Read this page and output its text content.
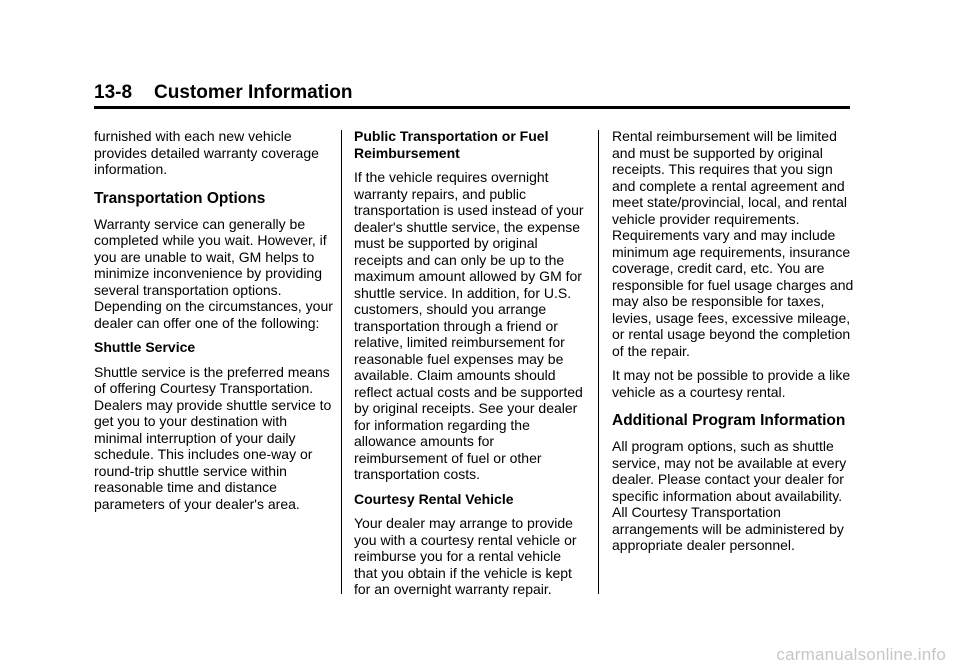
13-8 Customer Information

furnished with each new vehicle provides detailed warranty coverage information.

Transportation Options

Warranty service can generally be completed while you wait. However, if you are unable to wait, GM helps to minimize inconvenience by providing several transportation options. Depending on the circumstances, your dealer can offer one of the following:

Shuttle Service

Shuttle service is the preferred means of offering Courtesy Transportation. Dealers may provide shuttle service to get you to your destination with minimal interruption of your daily schedule. This includes one-way or round-trip shuttle service within reasonable time and distance parameters of your dealer's area.

Public Transportation or Fuel Reimbursement

If the vehicle requires overnight warranty repairs, and public transportation is used instead of your dealer's shuttle service, the expense must be supported by original receipts and can only be up to the maximum amount allowed by GM for shuttle service. In addition, for U.S. customers, should you arrange transportation through a friend or relative, limited reimbursement for reasonable fuel expenses may be available. Claim amounts should reflect actual costs and be supported by original receipts. See your dealer for information regarding the allowance amounts for reimbursement of fuel or other transportation costs.

Courtesy Rental Vehicle

Your dealer may arrange to provide you with a courtesy rental vehicle or reimburse you for a rental vehicle that you obtain if the vehicle is kept for an overnight warranty repair.

Rental reimbursement will be limited and must be supported by original receipts. This requires that you sign and complete a rental agreement and meet state/provincial, local, and rental vehicle provider requirements. Requirements vary and may include minimum age requirements, insurance coverage, credit card, etc. You are responsible for fuel usage charges and may also be responsible for taxes, levies, usage fees, excessive mileage, or rental usage beyond the completion of the repair.

It may not be possible to provide a like vehicle as a courtesy rental.

Additional Program Information

All program options, such as shuttle service, may not be available at every dealer. Please contact your dealer for specific information about availability. All Courtesy Transportation arrangements will be administered by appropriate dealer personnel.

carmanualsonline.info
